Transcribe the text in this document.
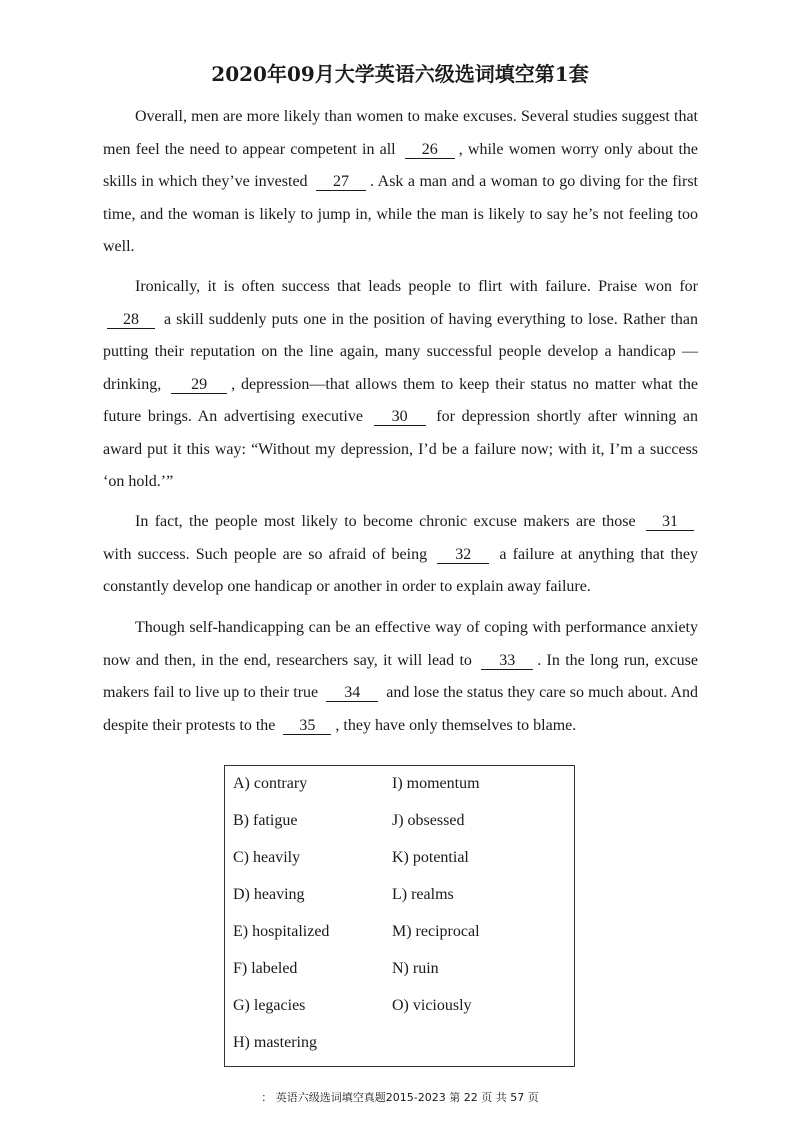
2020年09月大学英语六级选词填空第1套

Overall, men are more likely than women to make excuses. Several studies suggest that men feel the need to appear competent in all 26 , while women worry only about the skills in which they’ve invested 27 . Ask a man and a woman to go diving for the first time, and the woman is likely to jump in, while the man is likely to say he’s not feeling too well.

Ironically, it is often success that leads people to flirt with failure. Praise won for 28 a skill suddenly puts one in the position of having everything to lose. Rather than putting their reputation on the line again, many successful people develop a handicap — drinking, 29 , depression—that allows them to keep their status no matter what the future brings. An advertising executive 30 for depression shortly after winning an award put it this way: “Without my depression, I’d be a failure now; with it, I’m a success ‘on hold.’”

In fact, the people most likely to become chronic excuse makers are those 31 with success. Such people are so afraid of being 32 a failure at anything that they constantly develop one handicap or another in order to explain away failure.

Though self-handicapping can be an effective way of coping with performance anxiety now and then, in the end, researchers say, it will lead to 33 . In the long run, excuse makers fail to live up to their true 34 and lose the status they care so much about. And despite their protests to the 35 , they have only themselves to blame.

A) contrary
B) fatigue
C) heavily
D) heaving
E) hospitalized
F) labeled
G) legacies
H) mastering
I) momentum
J) obsessed
K) potential
L) realms
M) reciprocal
N) ruin
O) viciously
： 英语六级选词填空真题2015-2023 第 22 页 共 57 页
